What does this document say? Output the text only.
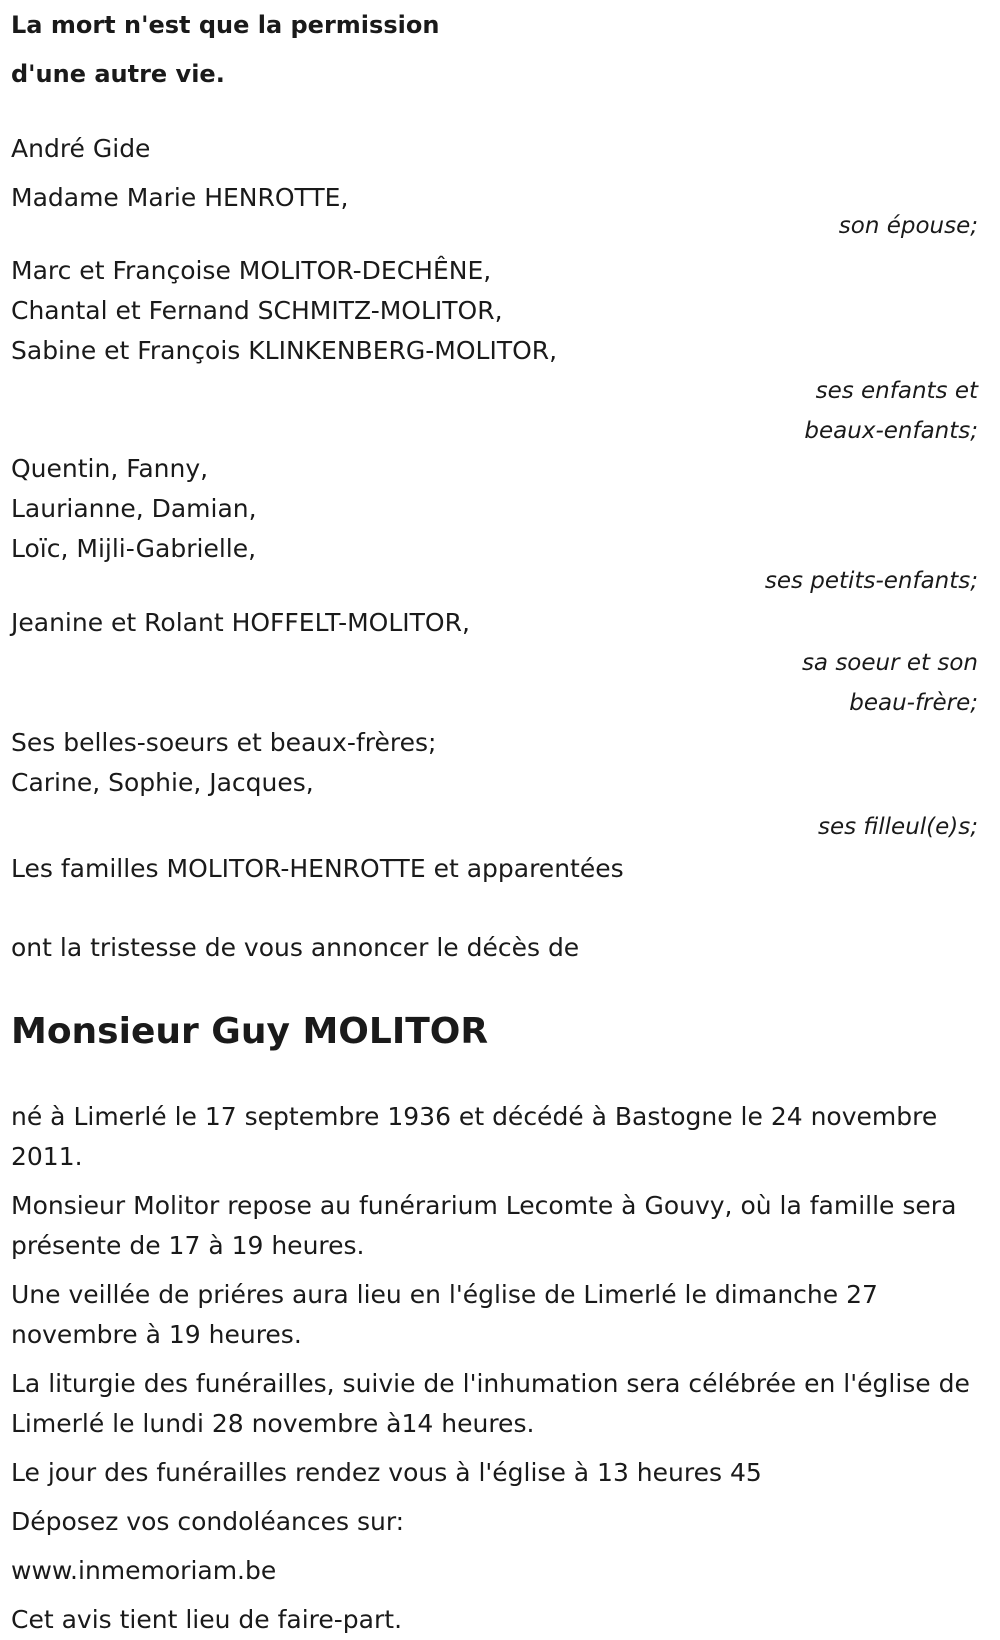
La mort n'est que la permission

d'une autre vie.

André Gide

Madame Marie HENROTTE,

son épouse;

Marc et Françoise MOLITOR-DECHÊNE,

Chantal et Fernand SCHMITZ-MOLITOR,

Sabine et François KLINKENBERG-MOLITOR,

ses enfants et

beaux-enfants;

Quentin, Fanny,

Laurianne, Damian,

Loïc, Mijli-Gabrielle,

ses petits-enfants;

Jeanine et Rolant HOFFELT-MOLITOR,

sa soeur et son

beau-frère;

Ses belles-soeurs et beaux-frères;

Carine, Sophie, Jacques,

ses filleul(e)s;

Les familles MOLITOR-HENROTTE et apparentées

ont la tristesse de vous annoncer le décès de

Monsieur Guy MOLITOR

né à Limerlé le 17 septembre 1936 et décédé à Bastogne le 24 novembre 2011.

Monsieur Molitor repose au funérarium Lecomte à Gouvy, où la famille sera présente de 17 à 19 heures.

Une veillée de priéres aura lieu en l'église de Limerlé le dimanche 27 novembre à 19 heures.

La liturgie des funérailles, suivie de l'inhumation sera célébrée en l'église de Limerlé le lundi 28 novembre à14 heures.

Le jour des funérailles rendez vous à l'église à 13 heures 45

Déposez vos condoléances sur:

www.inmemoriam.be

Cet avis tient lieu de faire-part.
